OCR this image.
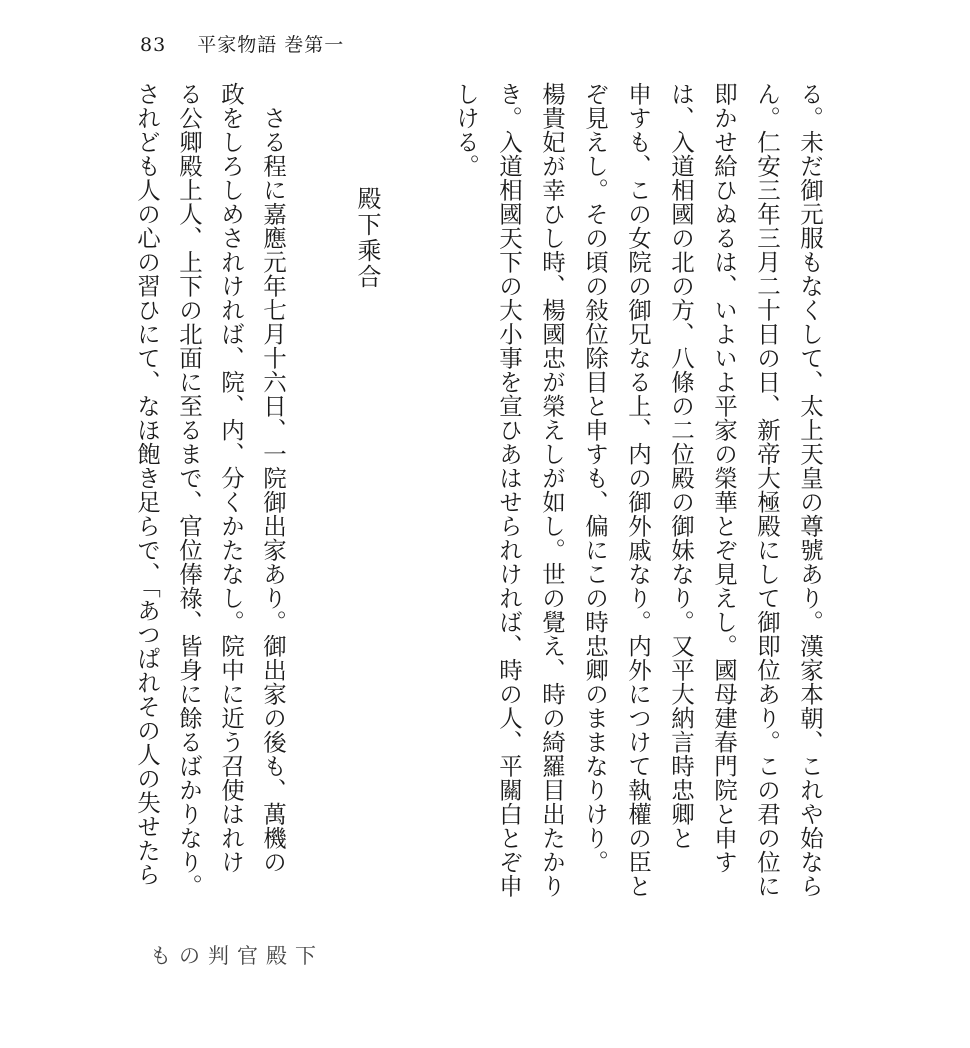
83 平家物語 巻第一
る。未だ御元服もなくして、太上天皇の尊號あり。漢家本朝、これや始なら
ん。仁安三年三月二十日の日、新帝大極殿にして御即位あり。この君の位に
即かせ給ひぬるは、いよいよ平家の榮華とぞ見えし。國母建春門院と申す
は、入道相國の北の方、八條の二位殿の御妹なり。又平大納言時忠卿と
申すも、この女院の御兄なる上、内の御外戚なり。内外につけて執權の臣と
ぞ見えし。その頃の敍位除目と申すも、偏にこの時忠卿のままなりけり。
楊貴妃が幸ひし時、楊國忠が榮えしが如し。世の覺え、時の綺羅目出たかり
き。入道相國天下の大小事を宣ひあはせられければ、時の人、平關白とぞ申
しける。
殿下乘合
さる程に嘉應元年七月十六日、一院御出家あり。御出家の後も、萬機の
政をしろしめされければ、院、内、分くかたなし。院中に近う召使はれけ
る公卿殿上人、上下の北面に至るまで、官位俸祿、皆身に餘るばかりなり。
されども人の心の習ひにて、なほ飽き足らで、「あつぱれその人の失せたら
もの判官殿下
